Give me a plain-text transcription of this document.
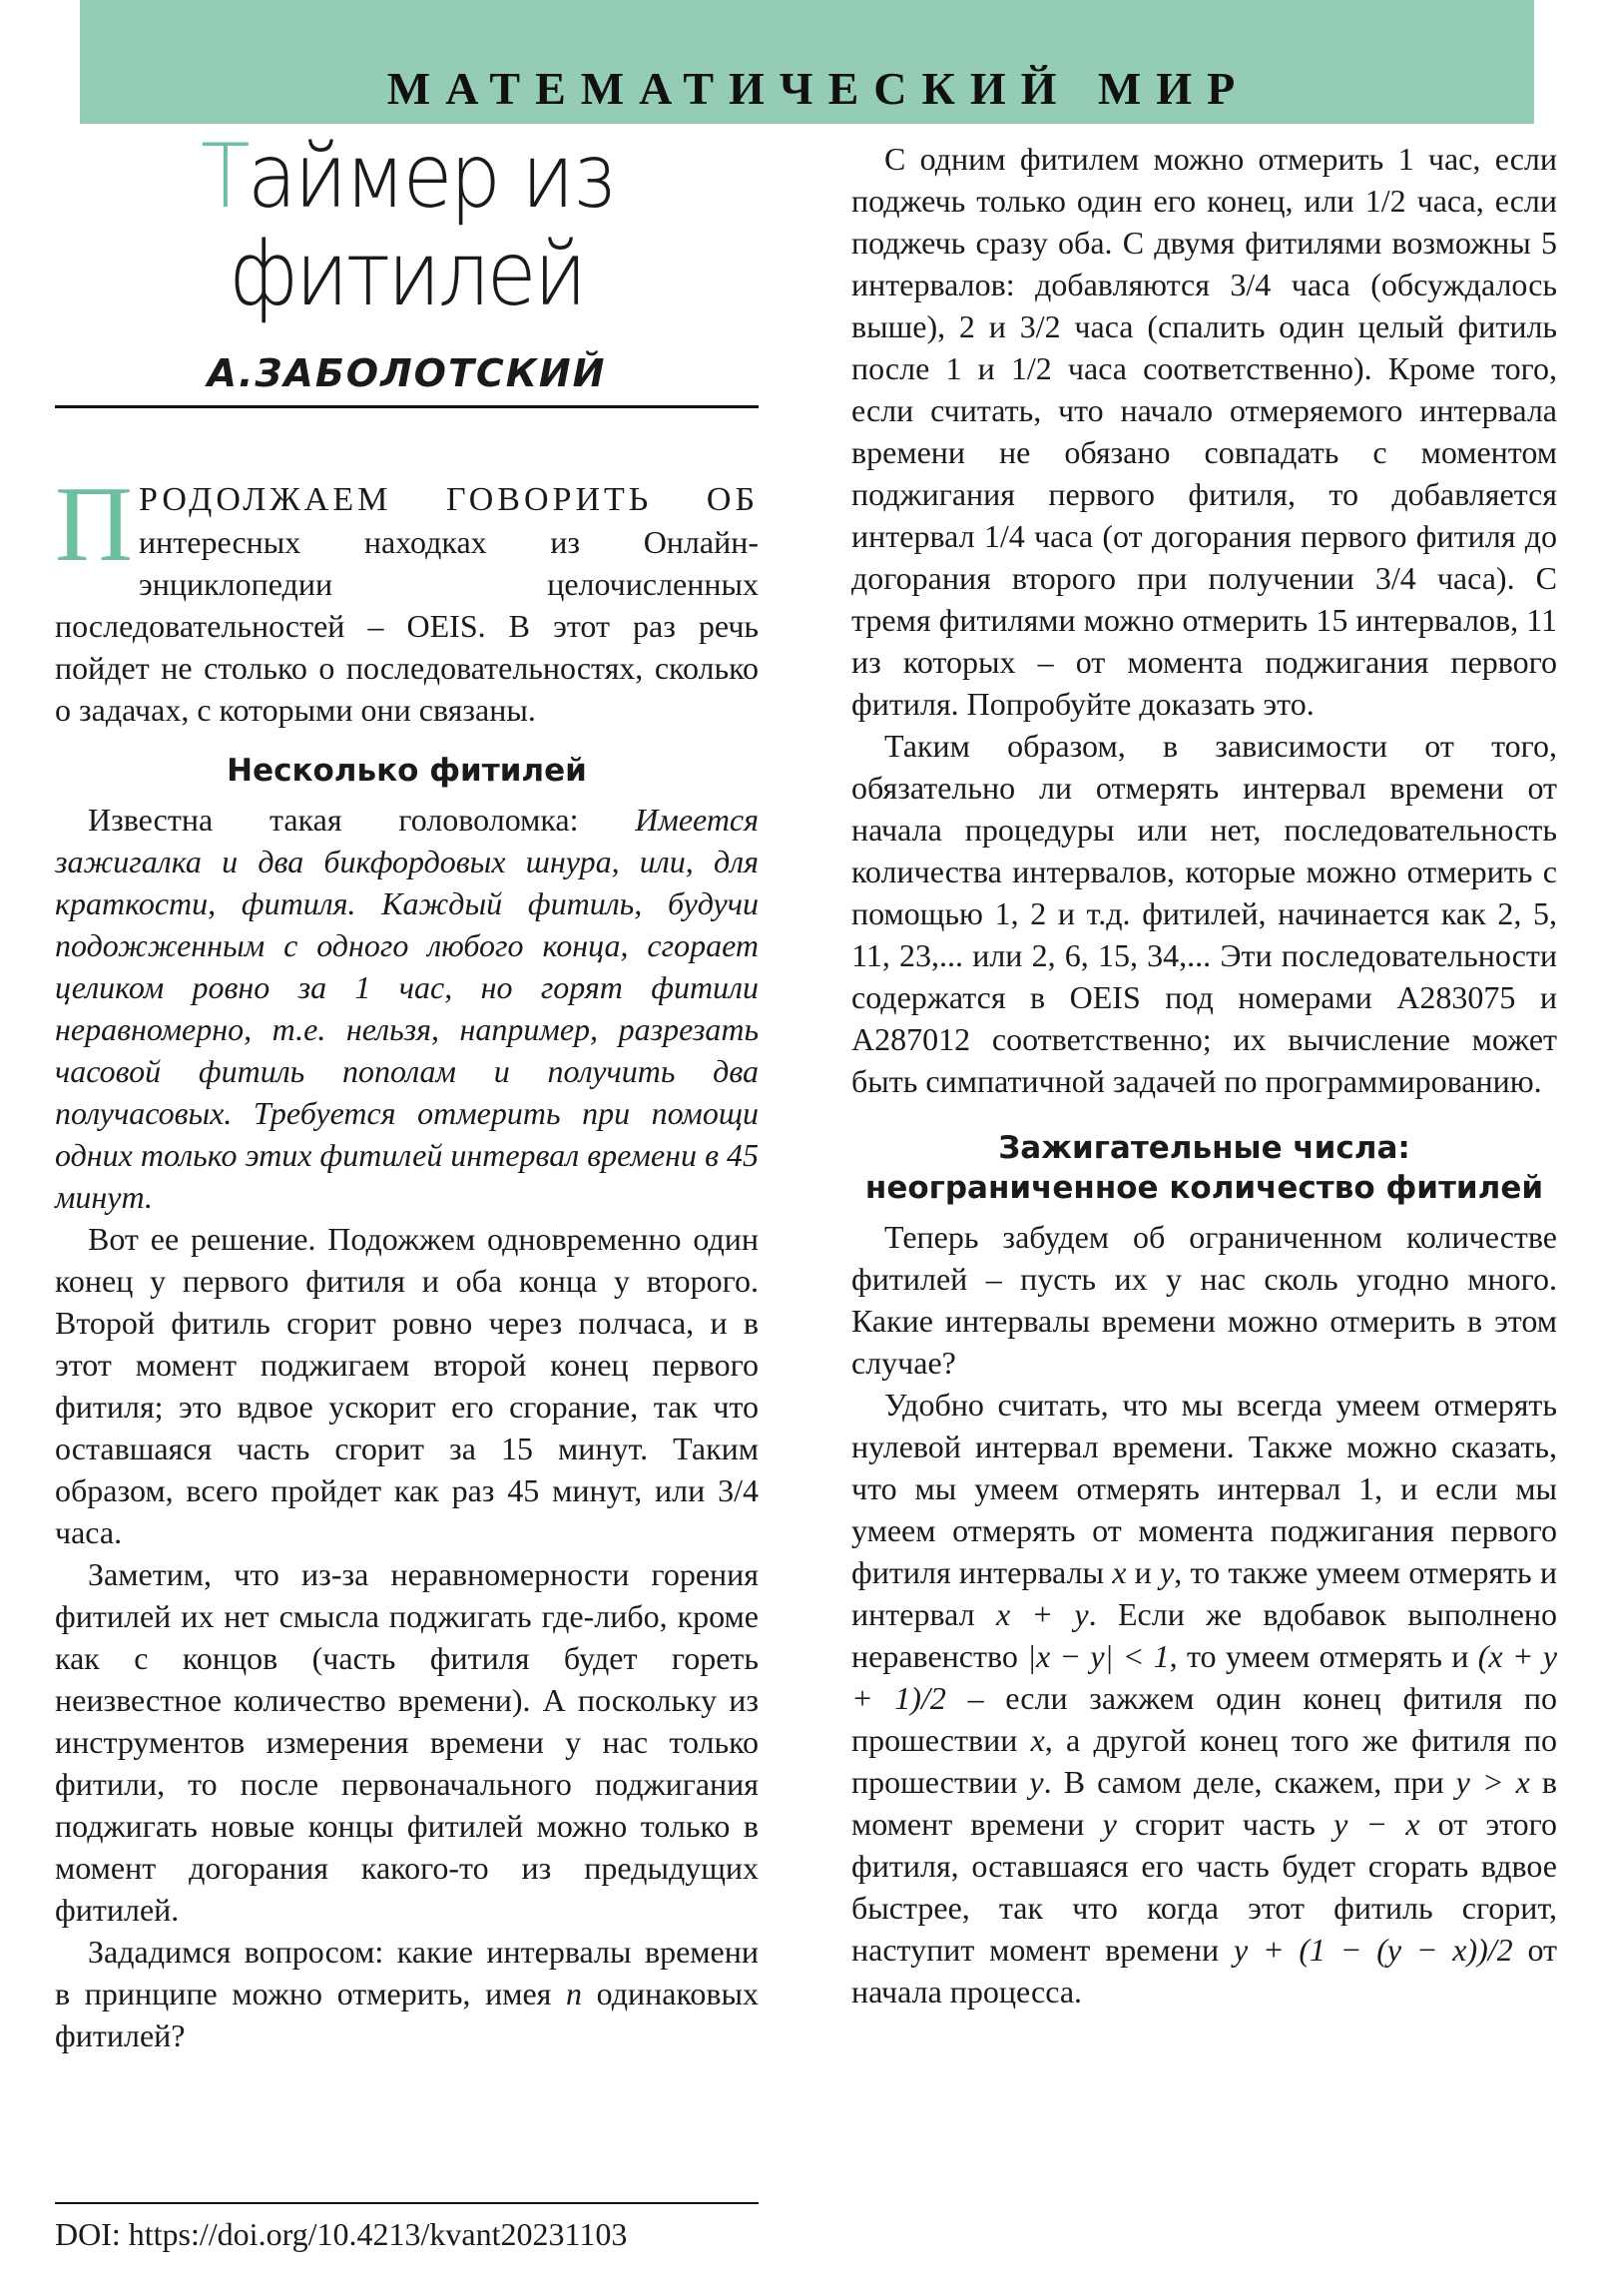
МАТЕМАТИЧЕСКИЙ МИР
Таймер из
фитилей
А.ЗАБОЛОТСКИЙ

ПРОДОЛЖАЕМ ГОВОРИТЬ ОБ интересных находках из Онлайн-энциклопедии целочисленных последовательностей – OEIS. В этот раз речь пойдет не столько о последовательностях, сколько о задачах, с которыми они связаны.

Несколько фитилей

Известна такая головоломка: Имеется зажигалка и два бикфордовых шнура, или, для краткости, фитиля. Каждый фитиль, будучи подожженным с одного любого конца, сгорает целиком ровно за 1 час, но горят фитили неравномерно, т.е. нельзя, например, разрезать часовой фитиль пополам и получить два получасовых. Требуется отмерить при помощи одних только этих фитилей интервал времени в 45 минут.

Вот ее решение. Подожжем одновременно один конец у первого фитиля и оба конца у второго. Второй фитиль сгорит ровно через полчаса, и в этот момент поджигаем второй конец первого фитиля; это вдвое ускорит его сгорание, так что оставшаяся часть сгорит за 15 минут. Таким образом, всего пройдет как раз 45 минут, или 3/4 часа.

Заметим, что из-за неравномерности горения фитилей их нет смысла поджигать где-либо, кроме как с концов (часть фитиля будет гореть неизвестное количество времени). А поскольку из инструментов измерения времени у нас только фитили, то после первоначального поджигания поджигать новые концы фитилей можно только в момент догорания какого-то из предыдущих фитилей.

Зададимся вопросом: какие интервалы времени в принципе можно отмерить, имея n одинаковых фитилей?

DOI: https://doi.org/10.4213/kvant20231103

С одним фитилем можно отмерить 1 час, если поджечь только один его конец, или 1/2 часа, если поджечь сразу оба. С двумя фитилями возможны 5 интервалов: добавляются 3/4 часа (обсуждалось выше), 2 и 3/2 часа (спалить один целый фитиль после 1 и 1/2 часа соответственно). Кроме того, если считать, что начало отмеряемого интервала времени не обязано совпадать с моментом поджигания первого фитиля, то добавляется интервал 1/4 часа (от догорания первого фитиля до догорания второго при получении 3/4 часа). С тремя фитилями можно отмерить 15 интервалов, 11 из которых – от момента поджигания первого фитиля. Попробуйте доказать это.

Таким образом, в зависимости от того, обязательно ли отмерять интервал времени от начала процедуры или нет, последовательность количества интервалов, которые можно отмерить с помощью 1, 2 и т.д. фитилей, начинается как 2, 5, 11, 23,... или 2, 6, 15, 34,... Эти последовательности содержатся в OEIS под номерами A283075 и A287012 соответственно; их вычисление может быть симпатичной задачей по программированию.

Зажигательные числа:
неограниченное количество фитилей

Теперь забудем об ограниченном количестве фитилей – пусть их у нас сколь угодно много. Какие интервалы времени можно отмерить в этом случае?

Удобно считать, что мы всегда умеем отмерять нулевой интервал времени. Также можно сказать, что мы умеем отмерять интервал 1, и если мы умеем отмерять от момента поджигания первого фитиля интервалы x и y, то также умеем отмерять и интервал x + y. Если же вдобавок выполнено неравенство |x − y| < 1, то умеем отмерять и (x + y + 1)/2 – если зажжем один конец фитиля по прошествии x, а другой конец того же фитиля по прошествии y. В самом деле, скажем, при y > x в момент времени y сгорит часть y − x от этого фитиля, оставшаяся его часть будет сгорать вдвое быстрее, так что когда этот фитиль сгорит, наступит момент времени y + (1 − (y − x))/2 от начала процесса.
